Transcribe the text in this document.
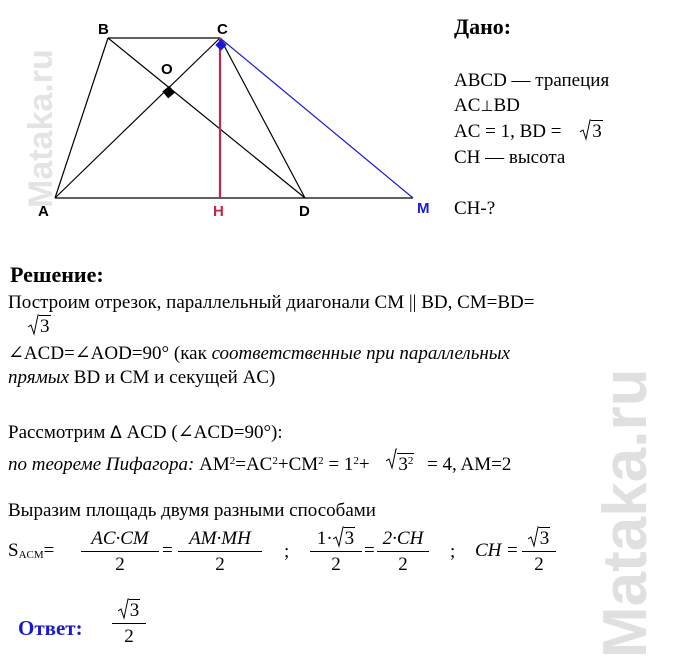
Mataka.ru
Mataka.ru
B	C
O
A	H	D	M
Дано:
ABCD — трапеция
AC⊥BD
AC = 1, BD = 3
CH — высота
CH-?
Решение:
Построим отрезок, параллельный диагонали CM || BD, CM=BD=
3
∠ACD=∠AOD=90° (как соответственные при параллельных
прямых BD и CM и секущей AC)
Рассмотрим Δ ACD (∠ACD=90°):
по теореме Пифагора: $AM^2=AC^2+CM^2 = 1^2+ 3^2 = 4$, AM=2
Выразим площадь двумя разными способами
$S_{ACM}=$
AC·CM
2
=
AM·MH
2
;
1· 3
2
=
2·CH
2
; CH =
3
2
Ответ:
3
2
